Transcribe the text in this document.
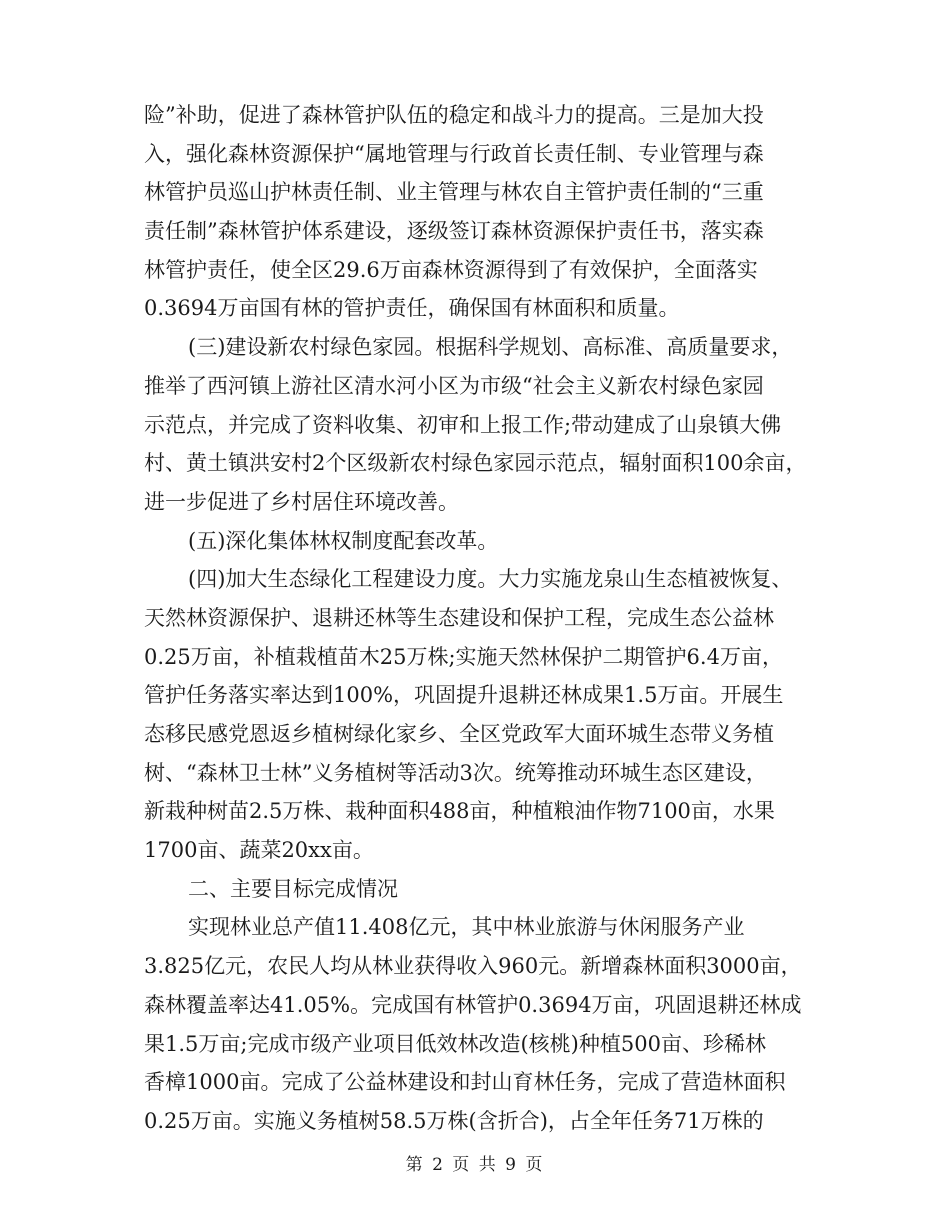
险”补助，促进了森林管护队伍的稳定和战斗力的提高。三是加大投
入，强化森林资源保护“属地管理与行政首长责任制、专业管理与森
林管护员巡山护林责任制、业主管理与林农自主管护责任制的“三重
责任制”森林管护体系建设，逐级签订森林资源保护责任书，落实森
林管护责任，使全区29.6万亩森林资源得到了有效保护，全面落实
0.3694万亩国有林的管护责任，确保国有林面积和质量。
(三)建设新农村绿色家园。根据科学规划、高标准、高质量要求，
推举了西河镇上游社区清水河小区为市级“社会主义新农村绿色家园
示范点，并完成了资料收集、初审和上报工作;带动建成了山泉镇大佛
村、黄土镇洪安村2个区级新农村绿色家园示范点，辐射面积100余亩，
进一步促进了乡村居住环境改善。
(五)深化集体林权制度配套改革。
(四)加大生态绿化工程建设力度。大力实施龙泉山生态植被恢复、
天然林资源保护、退耕还林等生态建设和保护工程，完成生态公益林
0.25万亩，补植栽植苗木25万株;实施天然林保护二期管护6.4万亩，
管护任务落实率达到100%，巩固提升退耕还林成果1.5万亩。开展生
态移民感党恩返乡植树绿化家乡、全区党政军大面环城生态带义务植
树、“森林卫士林”义务植树等活动3次。统筹推动环城生态区建设，
新栽种树苗2.5万株、栽种面积488亩，种植粮油作物7100亩，水果
1700亩、蔬菜20xx亩。
二、主要目标完成情况
实现林业总产值11.408亿元，其中林业旅游与休闲服务产业
3.825亿元，农民人均从林业获得收入960元。新增森林面积3000亩，
森林覆盖率达41.05%。完成国有林管护0.3694万亩，巩固退耕还林成
果1.5万亩;完成市级产业项目低效林改造(核桃)种植500亩、珍稀林
香樟1000亩。完成了公益林建设和封山育林任务，完成了营造林面积
0.25万亩。实施义务植树58.5万株(含折合)，占全年任务71万株的
第 2 页 共 9 页
